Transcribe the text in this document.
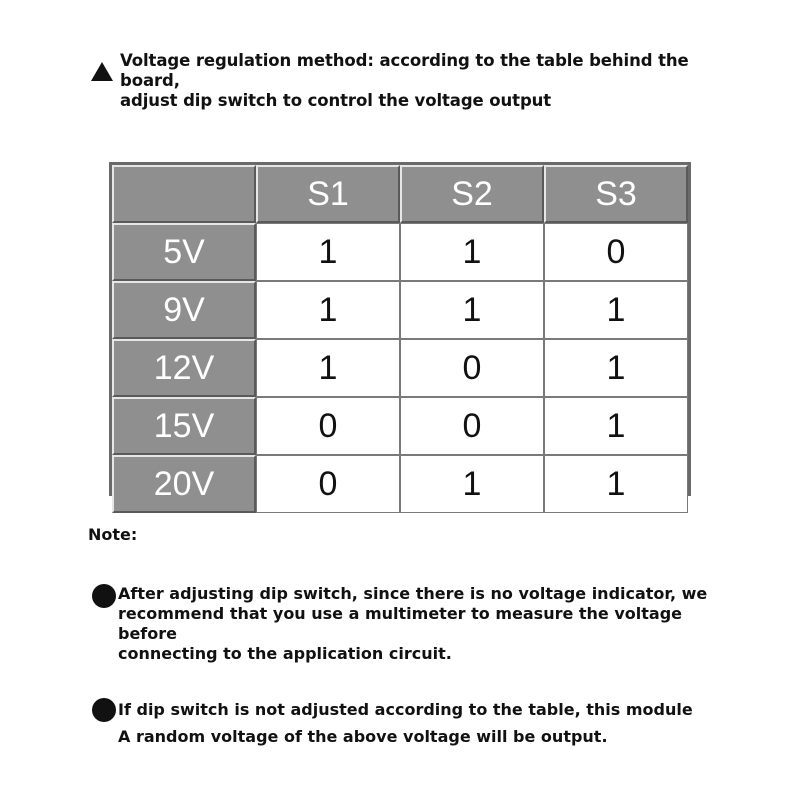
Voltage regulation method: according to the table behind the board,
adjust dip switch to control the voltage output
	S1	S2	S3
5V	1	1	0
9V	1	1	1
12V	1	0	1
15V	0	0	1
20V	0	1	1
Note:
After adjusting dip switch, since there is no voltage indicator, we
recommend that you use a multimeter to measure the voltage before
connecting to the application circuit.
If dip switch is not adjusted according to the table, this module
A random voltage of the above voltage will be output.
